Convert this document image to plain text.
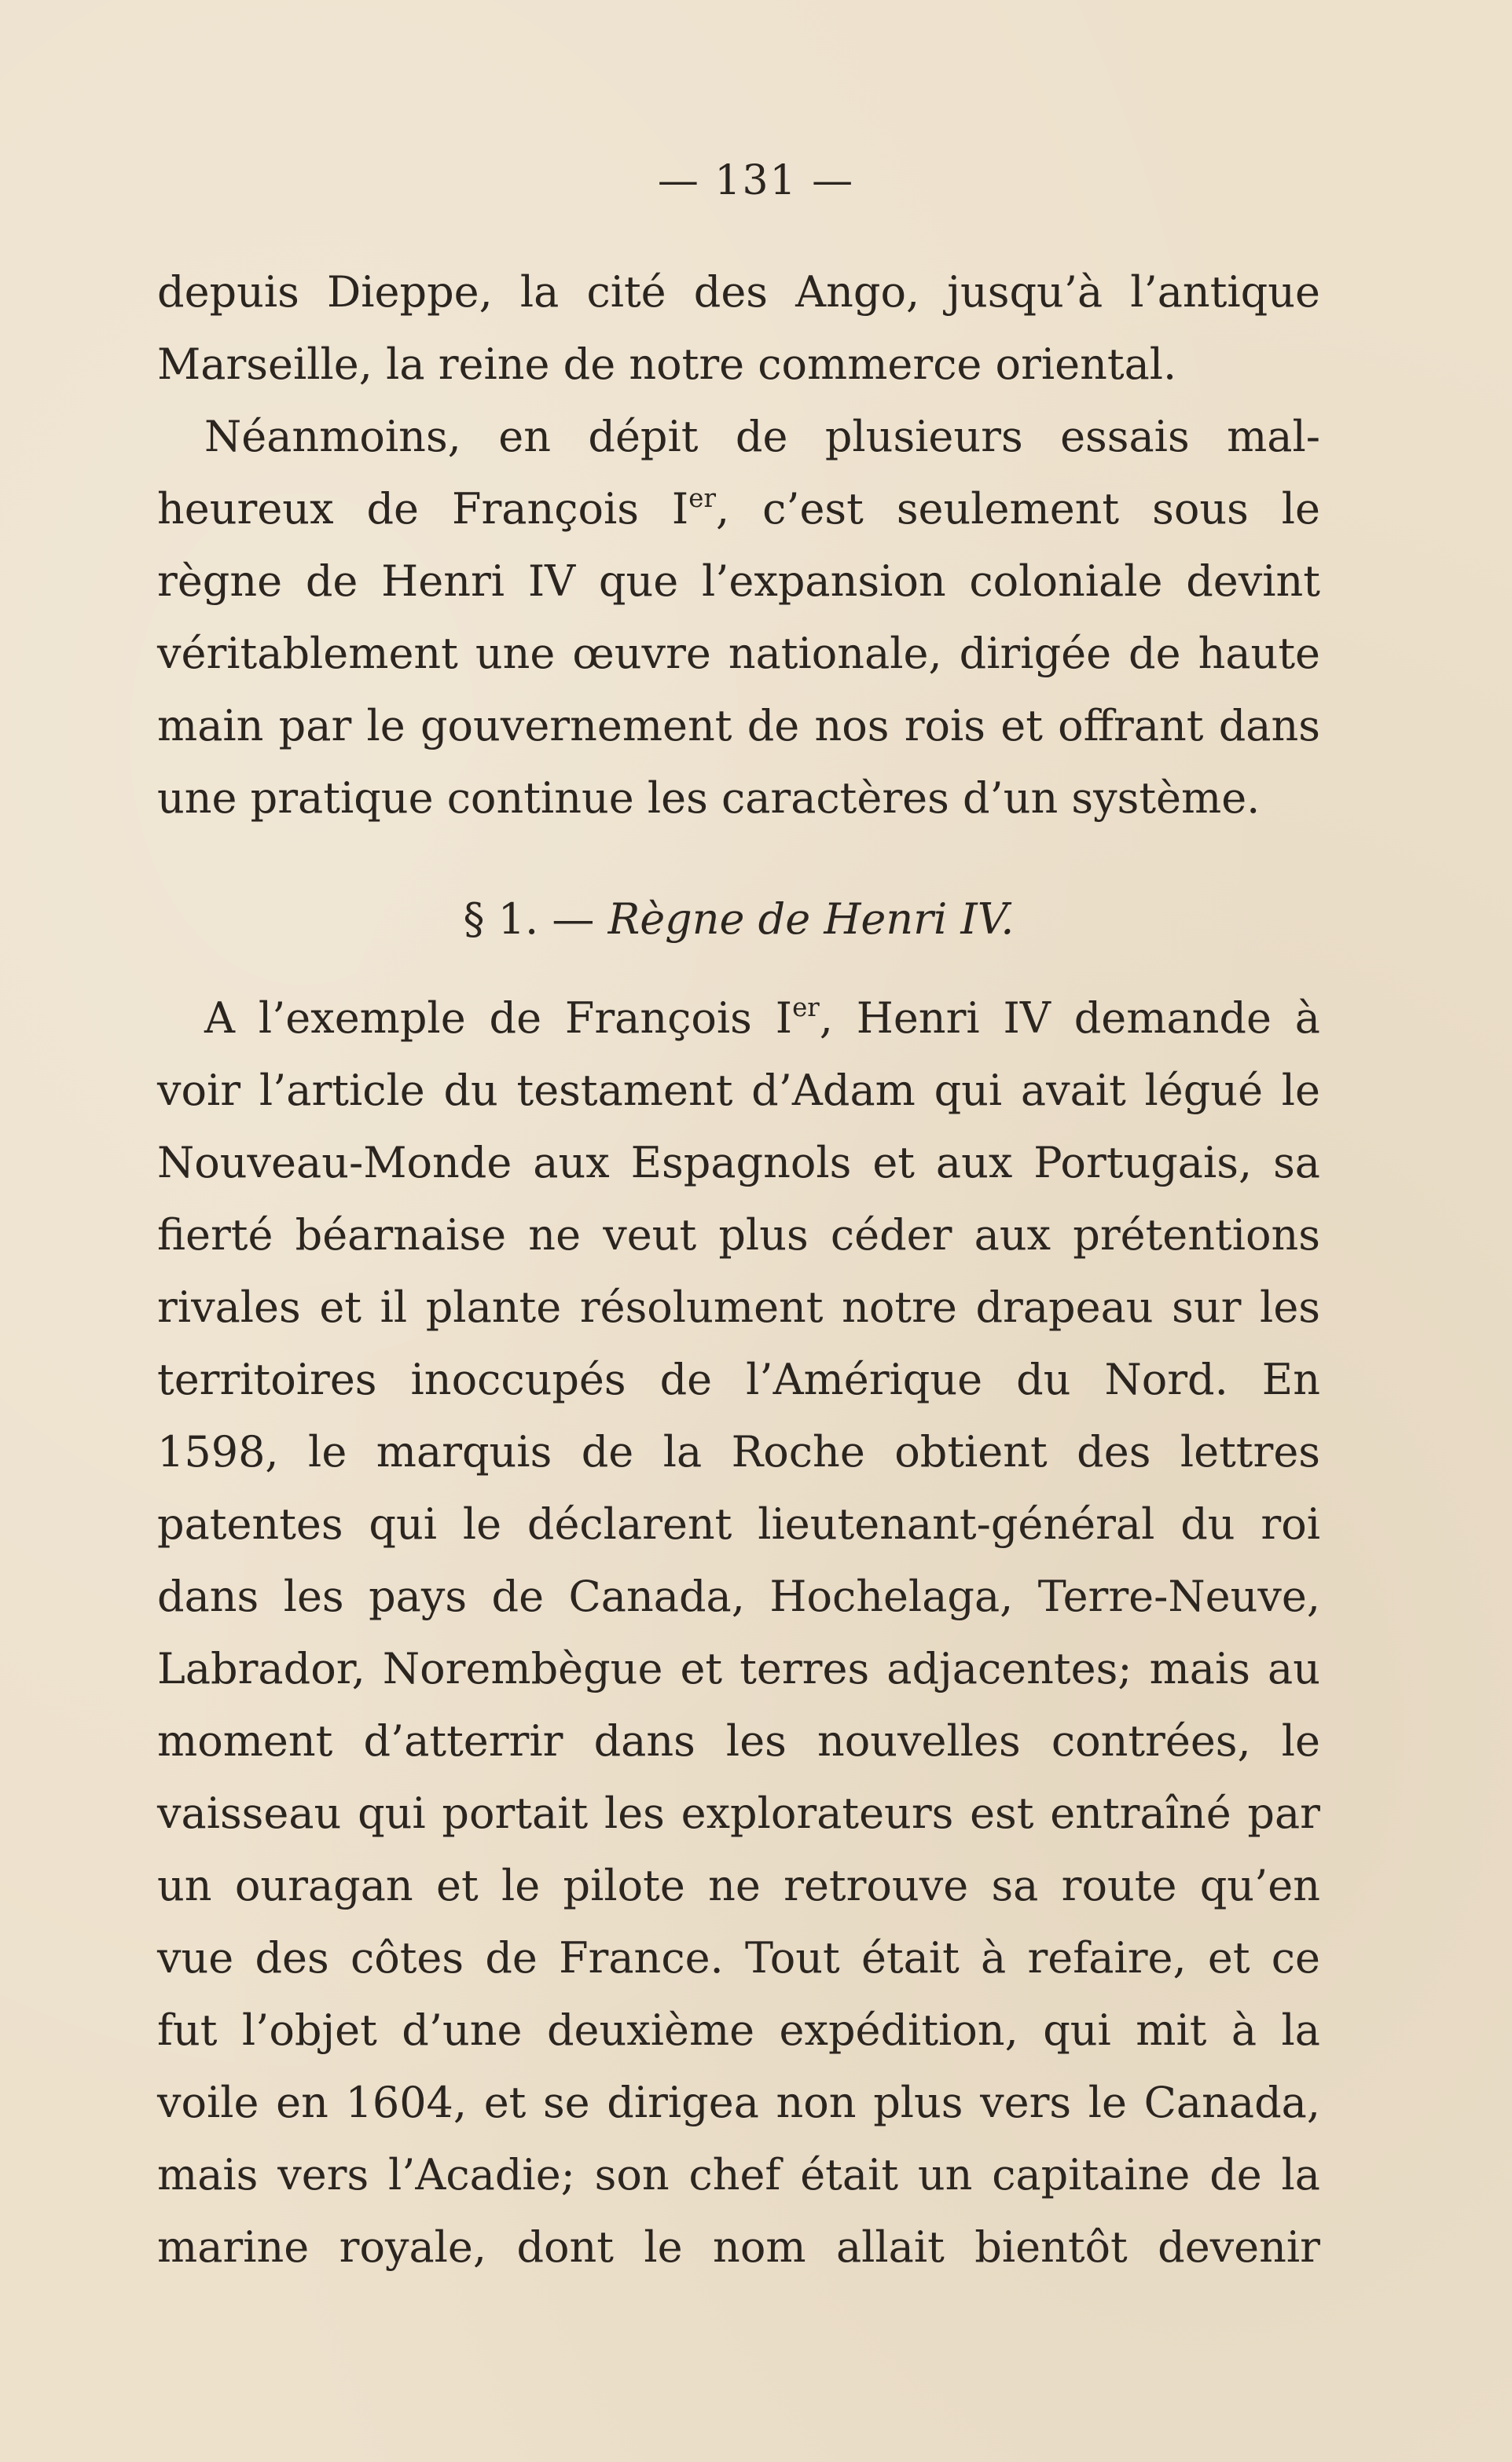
— 131 —
depuis Dieppe, la cité des Ango, jusqu’à l’antique
Marseille, la reine de notre commerce oriental.
Néanmoins, en dépit de plusieurs essais mal-
heureux de François Ier, c’est seulement sous le
règne de Henri IV que l’expansion coloniale devint
véritablement une œuvre nationale, dirigée de haute
main par le gouvernement de nos rois et offrant dans
une pratique continue les caractères d’un système.
§ 1. — Règne de Henri IV.
A l’exemple de François Ier, Henri IV demande à
voir l’article du testament d’Adam qui avait légué le
Nouveau-Monde aux Espagnols et aux Portugais, sa
fierté béarnaise ne veut plus céder aux prétentions
rivales et il plante résolument notre drapeau sur les
territoires inoccupés de l’Amérique du Nord. En
1598, le marquis de la Roche obtient des lettres
patentes qui le déclarent lieutenant-général du roi
dans les pays de Canada, Hochelaga, Terre-Neuve,
Labrador, Norembègue et terres adjacentes; mais au
moment d’atterrir dans les nouvelles contrées, le
vaisseau qui portait les explorateurs est entraîné par
un ouragan et le pilote ne retrouve sa route qu’en
vue des côtes de France. Tout était à refaire, et ce
fut l’objet d’une deuxième expédition, qui mit à la
voile en 1604, et se dirigea non plus vers le Canada,
mais vers l’Acadie; son chef était un capitaine de la
marine royale, dont le nom allait bientôt devenir
